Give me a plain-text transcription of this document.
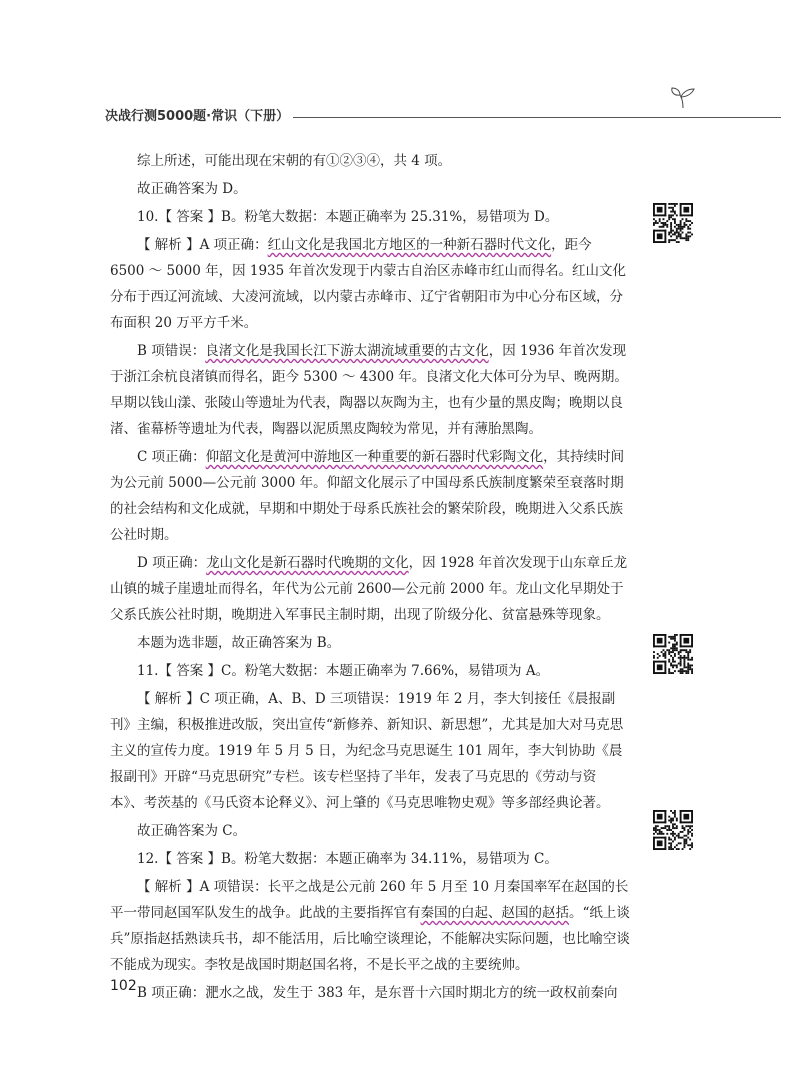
决战行测5000题·常识（下册）

综上所述，可能出现在宋朝的有①②③④，共 4 项。

故正确答案为 D。

10.【 答案 】B。粉笔大数据：本题正确率为 25.31%，易错项为 D。

【 解析 】A 项正确：红山文化是我国北方地区的一种新石器时代文化，距今 6500 ～ 5000 年，因 1935 年首次发现于内蒙古自治区赤峰市红山而得名。红山文化分布于西辽河流域、大凌河流域，以内蒙古赤峰市、辽宁省朝阳市为中心分布区域，分布面积 20 万平方千米。

B 项错误：良渚文化是我国长江下游太湖流域重要的古文化，因 1936 年首次发现于浙江余杭良渚镇而得名，距今 5300 ～ 4300 年。良渚文化大体可分为早、晚两期。早期以钱山漾、张陵山等遗址为代表，陶器以灰陶为主，也有少量的黑皮陶；晚期以良渚、雀幕桥等遗址为代表，陶器以泥质黑皮陶较为常见，并有薄胎黑陶。

C 项正确：仰韶文化是黄河中游地区一种重要的新石器时代彩陶文化，其持续时间为公元前 5000—公元前 3000 年。仰韶文化展示了中国母系氏族制度繁荣至衰落时期的社会结构和文化成就，早期和中期处于母系氏族社会的繁荣阶段，晚期进入父系氏族公社时期。

D 项正确：龙山文化是新石器时代晚期的文化，因 1928 年首次发现于山东章丘龙山镇的城子崖遗址而得名，年代为公元前 2600—公元前 2000 年。龙山文化早期处于父系氏族公社时期，晚期进入军事民主制时期，出现了阶级分化、贫富悬殊等现象。

本题为选非题，故正确答案为 B。

11.【 答案 】C。粉笔大数据：本题正确率为 7.66%，易错项为 A。

【 解析 】C 项正确，A、B、D 三项错误：1919 年 2 月，李大钊接任《晨报副刊》主编，积极推进改版，突出宣传“新修养、新知识、新思想”，尤其是加大对马克思主义的宣传力度。1919 年 5 月 5 日，为纪念马克思诞生 101 周年，李大钊协助《晨报副刊》开辟“马克思研究”专栏。该专栏坚持了半年，发表了马克思的《劳动与资本》、考茨基的《马氏资本论释义》、河上肇的《马克思唯物史观》等多部经典论著。

故正确答案为 C。

12.【 答案 】B。粉笔大数据：本题正确率为 34.11%，易错项为 C。

【 解析 】A 项错误：长平之战是公元前 260 年 5 月至 10 月秦国率军在赵国的长平一带同赵国军队发生的战争。此战的主要指挥官有秦国的白起、赵国的赵括。“纸上谈兵”原指赵括熟读兵书，却不能活用，后比喻空谈理论，不能解决实际问题，也比喻空谈不能成为现实。李牧是战国时期赵国名将，不是长平之战的主要统帅。

B 项正确：淝水之战，发生于 383 年，是东晋十六国时期北方的统一政权前秦向

102
